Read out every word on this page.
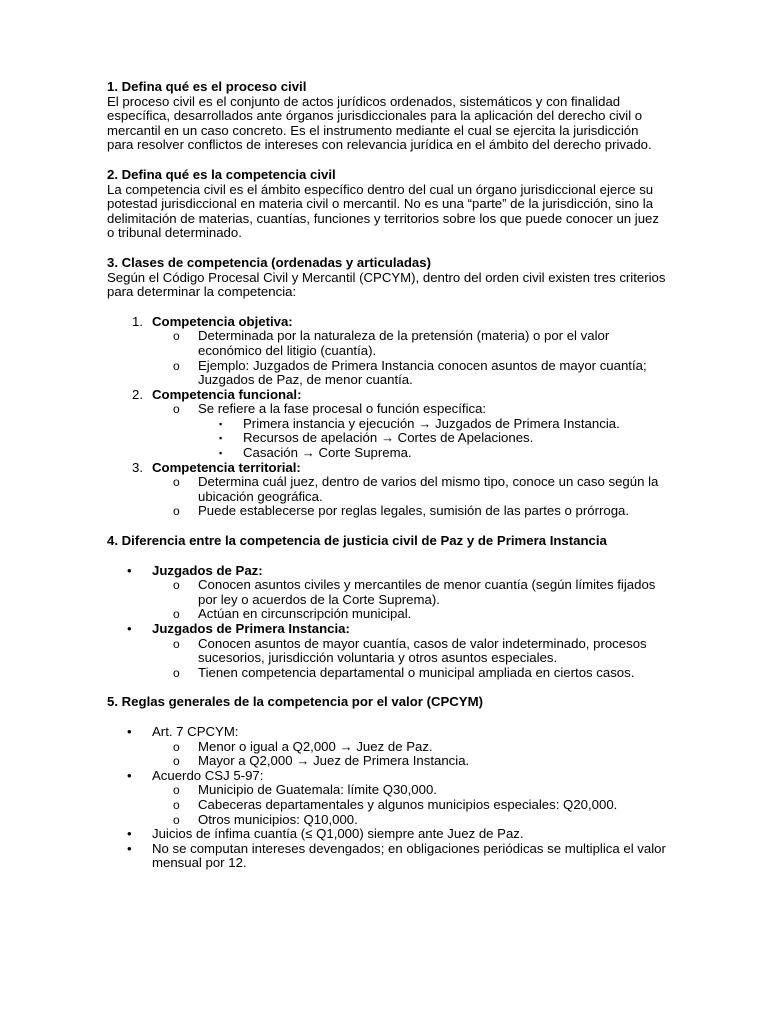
1. Defina qué es el proceso civil

El proceso civil es el conjunto de actos jurídicos ordenados, sistemáticos y con finalidad específica, desarrollados ante órganos jurisdiccionales para la aplicación del derecho civil o mercantil en un caso concreto. Es el instrumento mediante el cual se ejercita la jurisdicción para resolver conflictos de intereses con relevancia jurídica en el ámbito del derecho privado.

2. Defina qué es la competencia civil

La competencia civil es el ámbito específico dentro del cual un órgano jurisdiccional ejerce su potestad jurisdiccional en materia civil o mercantil. No es una “parte” de la jurisdicción, sino la delimitación de materias, cuantías, funciones y territorios sobre los que puede conocer un juez o tribunal determinado.

3. Clases de competencia (ordenadas y articuladas)

Según el Código Procesal Civil y Mercantil (CPCYM), dentro del orden civil existen tres criterios para determinar la competencia:

1. Competencia objetiva:
o Determinada por la naturaleza de la pretensión (materia) o por el valor económico del litigio (cuantía).
o Ejemplo: Juzgados de Primera Instancia conocen asuntos de mayor cuantía; Juzgados de Paz, de menor cuantía.
2. Competencia funcional:
o Se refiere a la fase procesal o función específica:
▪ Primera instancia y ejecución → Juzgados de Primera Instancia.
▪ Recursos de apelación → Cortes de Apelaciones.
▪ Casación → Corte Suprema.
3. Competencia territorial:
o Determina cuál juez, dentro de varios del mismo tipo, conoce un caso según la ubicación geográfica.
o Puede establecerse por reglas legales, sumisión de las partes o prórroga.
4. Diferencia entre la competencia de justicia civil de Paz y de Primera Instancia
•	Juzgados de Paz:
o Conocen asuntos civiles y mercantiles de menor cuantía (según límites fijados por ley o acuerdos de la Corte Suprema).
o Actúan en circunscripción municipal.
•	Juzgados de Primera Instancia:
o Conocen asuntos de mayor cuantía, casos de valor indeterminado, procesos sucesorios, jurisdicción voluntaria y otros asuntos especiales.
o Tienen competencia departamental o municipal ampliada en ciertos casos.
5. Reglas generales de la competencia por el valor (CPCYM)
•	Art. 7 CPCYM:
o Menor o igual a Q2,000 → Juez de Paz.
o Mayor a Q2,000 → Juez de Primera Instancia.
•	Acuerdo CSJ 5-97:
o Municipio de Guatemala: límite Q30,000.
o Cabeceras departamentales y algunos municipios especiales: Q20,000.
o Otros municipios: Q10,000.
•	Juicios de ínfima cuantía (≤ Q1,000) siempre ante Juez de Paz.
•	No se computan intereses devengados; en obligaciones periódicas se multiplica el valor mensual por 12.
